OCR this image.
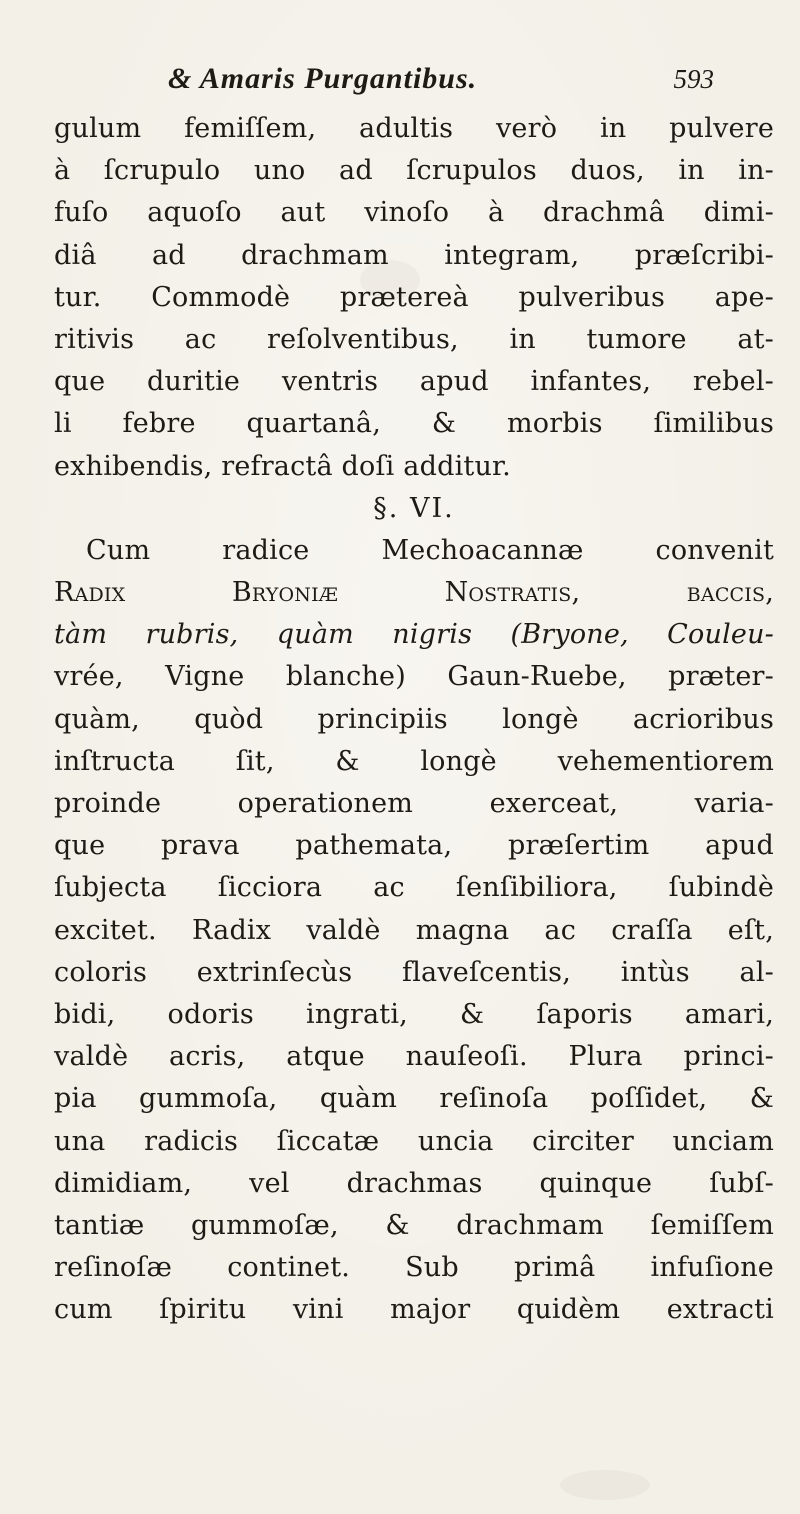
& Amaris Purgantibus.	593
gulum femiſſem, adultis verò in pulvere
à ſcrupulo uno ad ſcrupulos duos, in in-
fuſo aquoſo aut vinoſo à drachmâ dimi-
diâ ad drachmam integram, præſcribi-
tur. Commodè prætereà pulveribus ape-
ritivis ac reſolventibus, in tumore at-
que duritie ventris apud infantes, rebel-
li febre quartanâ, & morbis ſimilibus
exhibendis, refractâ doſi additur.
§. VI.
Cum radice Mechoacannæ convenit
Radix Bryoniæ Nostratis, baccis,
tàm rubris, quàm nigris (Bryone, Couleu-
vrée, Vigne blanche) Gaun-Ruebe, præter-
quàm, quòd principiis longè acrioribus
inſtructa ſit, & longè vehementiorem
proinde operationem exerceat, varia-
que prava pathemata, præſertim apud
ſubjecta ſicciora ac ſenſibiliora, ſubindè
excitet. Radix valdè magna ac craſſa eſt,
coloris extrinſecùs flaveſcentis, intùs al-
bidi, odoris ingrati, & ſaporis amari,
valdè acris, atque nauſeoſi. Plura princi-
pia gummoſa, quàm reſinoſa poſſidet, &
una radicis ſiccatæ uncia circiter unciam
dimidiam, vel drachmas quinque ſubſ-
tantiæ gummoſæ, & drachmam ſemiſſem
reſinoſæ continet. Sub primâ infuſione
cum ſpiritu vini major quidèm extracti
